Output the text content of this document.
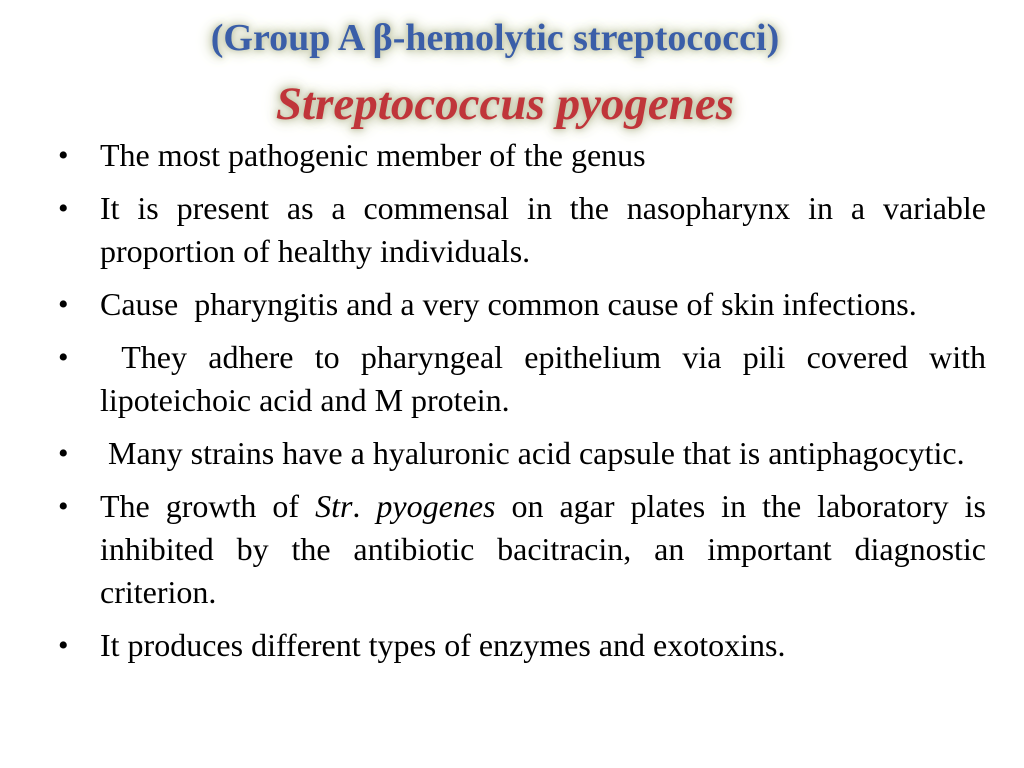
(Group A β-hemolytic streptococci)
Streptococcus pyogenes
• The most pathogenic member of the genus
• It is present as a commensal in the nasopharynx in a variable proportion of healthy individuals.
• Cause  pharyngitis and a very common cause of skin infections.
• They adhere to pharyngeal epithelium via pili covered with lipoteichoic acid and M protein.
• Many strains have a hyaluronic acid capsule that is antiphagocytic.
• The growth of Str. pyogenes on agar plates in the laboratory is inhibited by the antibiotic bacitracin, an important diagnostic criterion.
• It produces different types of enzymes and exotoxins.
